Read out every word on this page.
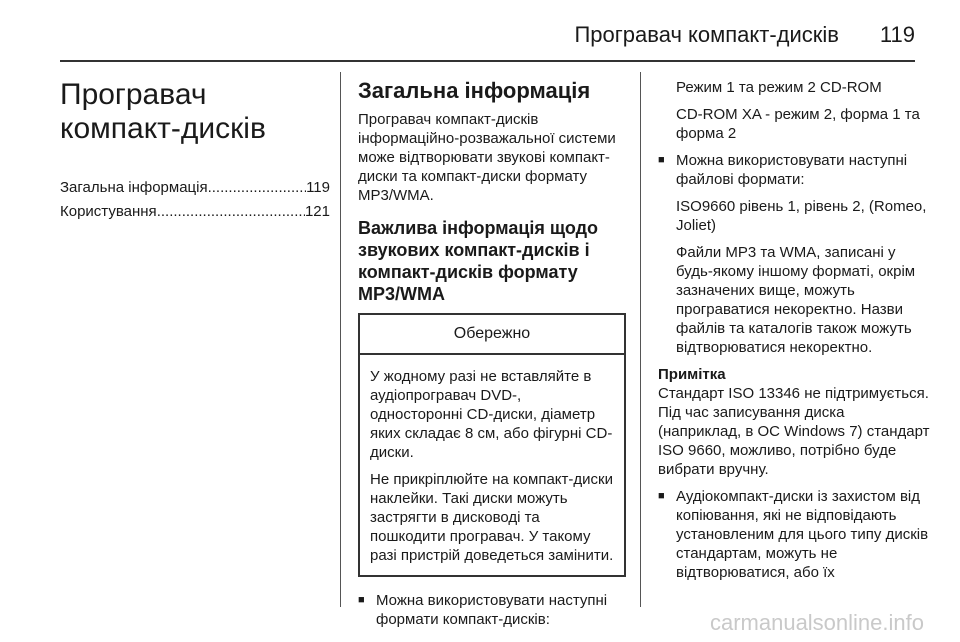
Програвач компакт-дисків 119
Програвач компакт-дисків
Загальна інформація .....	119
Користування .....	121
Загальна інформація

Програвач компакт-дисків інформаційно-розважальної системи може відтворювати звукові компакт-диски та компакт-диски формату MP3/WMA.

Важлива інформація щодо звукових компакт-дисків і компакт-дисків формату MP3/WMA
Обережно

У жодному разі не вставляйте в аудіопрогравач DVD-, односторонні CD-диски, діаметр яких складає 8 см, або фігурні CD-диски.

Не прикріплюйте на компакт-диски наклейки. Такі диски можуть застрягти в дисководі та пошкодити програвач. У такому разі пристрій доведеться замінити.

■ Можна використовувати наступні формати компакт-дисків:

Режим 1 та режим 2 CD-ROM

CD-ROM XA - режим 2, форма 1 та форма 2

■ Можна використовувати наступні файлові формати:

ISO9660 рівень 1, рівень 2, (Romeo, Joliet)

Файли MP3 та WMA, записані у будь-якому іншому форматі, окрім зазначених вище, можуть програватися некоректно. Назви файлів та каталогів також можуть відтворюватися некоректно.

Примітка

Стандарт ISO 13346 не підтримується. Під час записування диска (наприклад, в ОС Windows 7) стандарт ISO 9660, можливо, потрібно буде вибрати вручну.

■ Аудіокомпакт-диски із захистом від копіювання, які не відповідають установленим для цього типу дисків стандартам, можуть не відтворюватися, або їх
carmanualsonline.info
